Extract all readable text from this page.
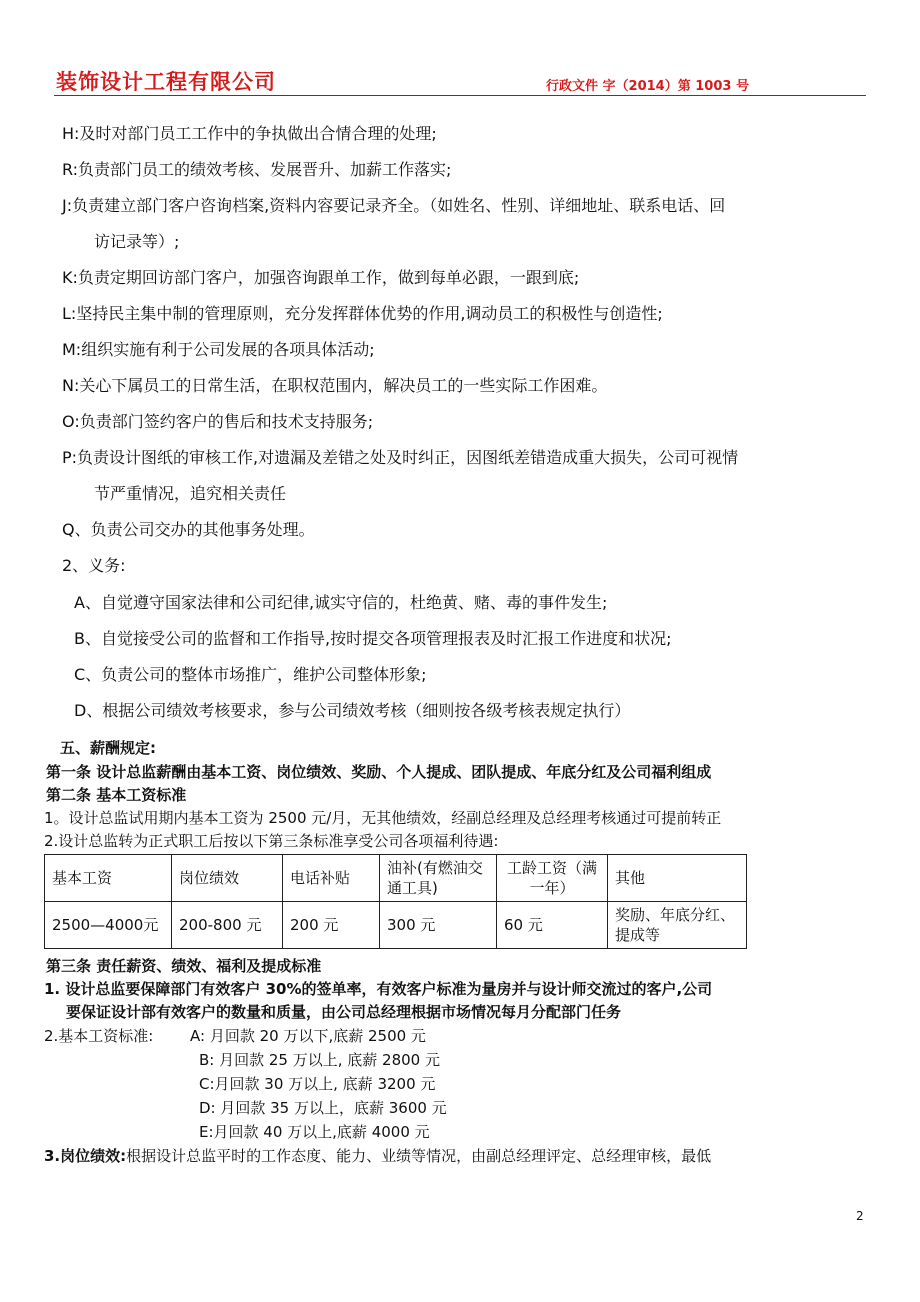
装饰设计工程有限公司	行政文件 字（2014）第 1003 号
H:及时对部门员工工作中的争执做出合情合理的处理;
R:负责部门员工的绩效考核、发展晋升、加薪工作落实;
J:负责建立部门客户咨询档案,资料内容要记录齐全。（如姓名、性别、详细地址、联系电话、回
访记录等）;
K:负责定期回访部门客户，加强咨询跟单工作，做到每单必跟，一跟到底;
L:坚持民主集中制的管理原则，充分发挥群体优势的作用,调动员工的积极性与创造性;
M:组织实施有利于公司发展的各项具体活动;
N:关心下属员工的日常生活，在职权范围内，解决员工的一些实际工作困难。
O:负责部门签约客户的售后和技术支持服务;
P:负责设计图纸的审核工作,对遗漏及差错之处及时纠正，因图纸差错造成重大损失，公司可视情
节严重情况，追究相关责任
Q、负责公司交办的其他事务处理。
2、义务:
A、自觉遵守国家法律和公司纪律,诚实守信的，杜绝黄、赌、毒的事件发生;
B、自觉接受公司的监督和工作指导,按时提交各项管理报表及时汇报工作进度和状况;
C、负责公司的整体市场推广，维护公司整体形象;
D、根据公司绩效考核要求，参与公司绩效考核（细则按各级考核表规定执行）
五、薪酬规定:
第一条 设计总监薪酬由基本工资、岗位绩效、奖励、个人提成、团队提成、年底分红及公司福利组成
第二条 基本工资标准
1。设计总监试用期内基本工资为 2500 元/月，无其他绩效，经副总经理及总经理考核通过可提前转正
2.设计总监转为正式职工后按以下第三条标准享受公司各项福利待遇:
基本工资	岗位绩效	电话补贴	油补(有燃油交通工具)	工龄工资（满一年）	其他
2500—4000元	200-800 元	200 元	300 元	60 元	奖励、年底分红、提成等
第三条 责任薪资、绩效、福利及提成标准
1. 设计总监要保障部门有效客户 30%的签单率，有效客户标准为量房并与设计师交流过的客户,公司
要保证设计部有效客户的数量和质量，由公司总经理根据市场情况每月分配部门任务
2.基本工资标准: A: 月回款 20 万以下,底薪 2500 元
B: 月回款 25 万以上, 底薪 2800 元
C:月回款 30 万以上, 底薪 3200 元
D: 月回款 35 万以上，底薪 3600 元
E:月回款 40 万以上,底薪 4000 元
3.岗位绩效:根据设计总监平时的工作态度、能力、业绩等情况，由副总经理评定、总经理审核，最低
2
